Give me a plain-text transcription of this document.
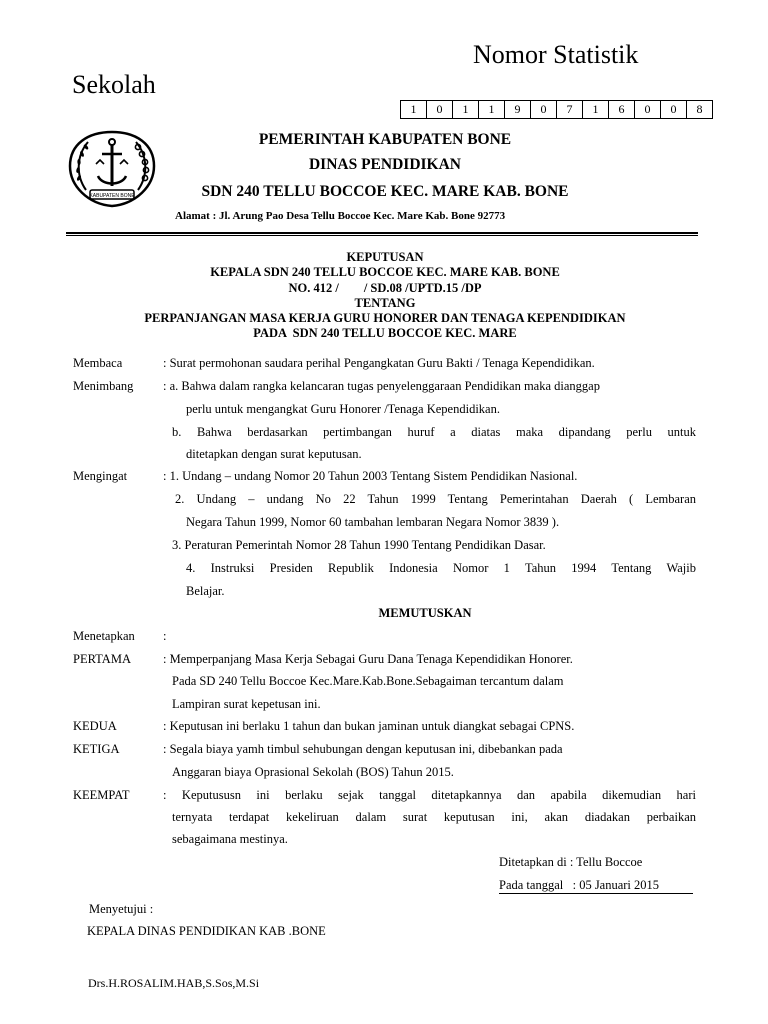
Nomor Statistik
Sekolah
1	0	1	1	9	0	7	1	6	0	0	8
KABUPATEN BONE
PEMERINTAH KABUPATEN BONE
DINAS PENDIDIKAN
SDN 240 TELLU BOCCOE KEC. MARE KAB. BONE
Alamat : Jl. Arung Pao Desa Tellu Boccoe Kec. Mare Kab. Bone 92773
KEPUTUSAN
KEPALA SDN 240 TELLU BOCCOE KEC. MARE KAB. BONE
NO. 412 /        / SD.08 /UPTD.15 /DP
TENTANG
PERPANJANGAN MASA KERJA GURU HONORER DAN TENAGA KEPENDIDIKAN
PADA  SDN 240 TELLU BOCCOE KEC. MARE
Membaca	: Surat permohonan saudara perihal Pengangkatan Guru Bakti / Tenaga Kependidikan.
Menimbang : a. Bahwa dalam rangka kelancaran tugas penyelenggaraan Pendidikan maka dianggap
perlu untuk mengangkat Guru Honorer /Tenaga Kependidikan.
b. Bahwa berdasarkan pertimbangan huruf a diatas maka dipandang perlu untuk
ditetapkan dengan surat keputusan.
Mengingat	: 1. Undang – undang Nomor 20 Tahun 2003 Tentang Sistem Pendidikan Nasional.
2. Undang – undang No 22 Tahun 1999 Tentang Pemerintahan Daerah ( Lembaran
Negara Tahun 1999, Nomor 60 tambahan lembaran Negara Nomor 3839 ).
3. Peraturan Pemerintah Nomor 28 Tahun 1990 Tentang Pendidikan Dasar.
4. Instruksi Presiden Republik Indonesia Nomor 1 Tahun 1994 Tentang Wajib
Belajar.
MEMUTUSKAN
Menetapkan :
PERTAMA	: Memperpanjang Masa Kerja Sebagai Guru Dana Tenaga Kependidikan Honorer.
Pada SD 240 Tellu Boccoe Kec.Mare.Kab.Bone.Sebagaiman tercantum dalam
Lampiran surat kepetusan ini.
KEDUA	: Keputusan ini berlaku 1 tahun dan bukan jaminan untuk diangkat sebagai CPNS.
KETIGA	: Segala biaya yamh timbul sehubungan dengan keputusan ini, dibebankan pada
Anggaran biaya Oprasional Sekolah (BOS) Tahun 2015.
KEEMPAT	: Keputususn ini berlaku sejak tanggal ditetapkannya dan apabila dikemudian hari
ternyata terdapat kekeliruan dalam surat keputusan ini, akan diadakan perbaikan
sebagaimana mestinya.
Ditetapkan di : Tellu Boccoe
Pada tanggal   : 05 Januari 2015
Menyetujui :
KEPALA DINAS PENDIDIKAN KAB .BONE
Drs.H.ROSALIM.HAB,S.Sos,M.Si
